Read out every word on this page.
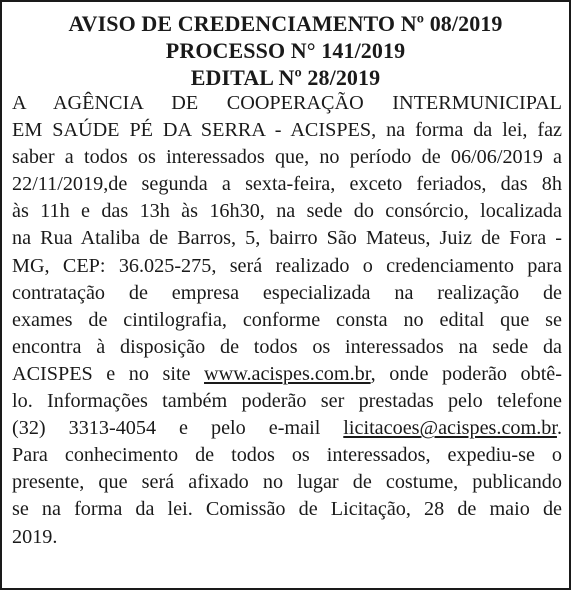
AVISO DE CREDENCIAMENTO Nº 08/2019
PROCESSO N° 141/2019
EDITAL Nº 28/2019
A AGÊNCIA DE COOPERAÇÃO INTERMUNICIPAL
EM SAÚDE PÉ DA SERRA - ACISPES, na forma da lei, faz
saber a todos os interessados que, no período de 06/06/2019 a
22/11/2019,de segunda a sexta-feira, exceto feriados, das 8h
às 11h e das 13h às 16h30, na sede do consórcio, localizada
na Rua Ataliba de Barros, 5, bairro São Mateus, Juiz de Fora -
MG, CEP: 36.025-275, será realizado o credenciamento para
contratação de empresa especializada na realização de
exames de cintilografia, conforme consta no edital que se
encontra à disposição de todos os interessados na sede da
ACISPES e no site www.acispes.com.br, onde poderão obtê-
lo. Informações também poderão ser prestadas pelo telefone
(32) 3313-4054 e pelo e-mail licitacoes@acispes.com.br.
Para conhecimento de todos os interessados, expediu-se o
presente, que será afixado no lugar de costume, publicando
se na forma da lei. Comissão de Licitação, 28 de maio de
2019.
